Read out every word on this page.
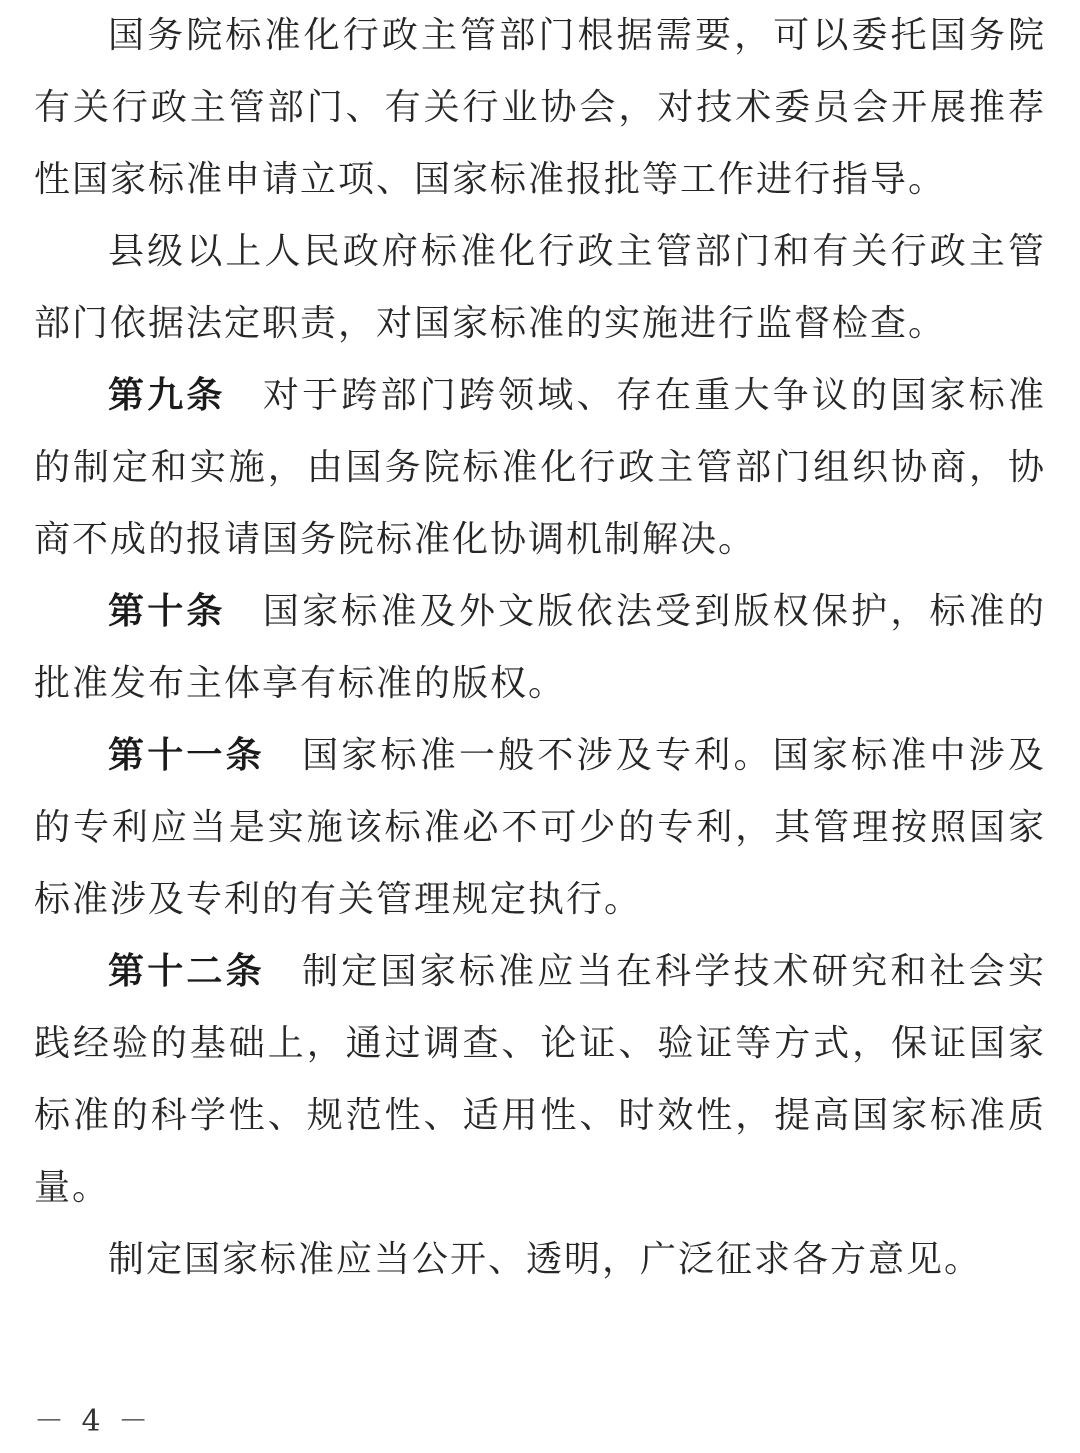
国务院标准化行政主管部门根据需要，可以委托国务院有关行政主管部门、有关行业协会，对技术委员会开展推荐性国家标准申请立项、国家标准报批等工作进行指导。

县级以上人民政府标准化行政主管部门和有关行政主管部门依据法定职责，对国家标准的实施进行监督检查。

第九条 对于跨部门跨领域、存在重大争议的国家标准的制定和实施，由国务院标准化行政主管部门组织协商，协商不成的报请国务院标准化协调机制解决。

第十条 国家标准及外文版依法受到版权保护，标准的批准发布主体享有标准的版权。

第十一条 国家标准一般不涉及专利。国家标准中涉及的专利应当是实施该标准必不可少的专利，其管理按照国家标准涉及专利的有关管理规定执行。

第十二条 制定国家标准应当在科学技术研究和社会实践经验的基础上，通过调查、论证、验证等方式，保证国家标准的科学性、规范性、适用性、时效性，提高国家标准质量。

制定国家标准应当公开、透明，广泛征求各方意见。

－ 4 －
